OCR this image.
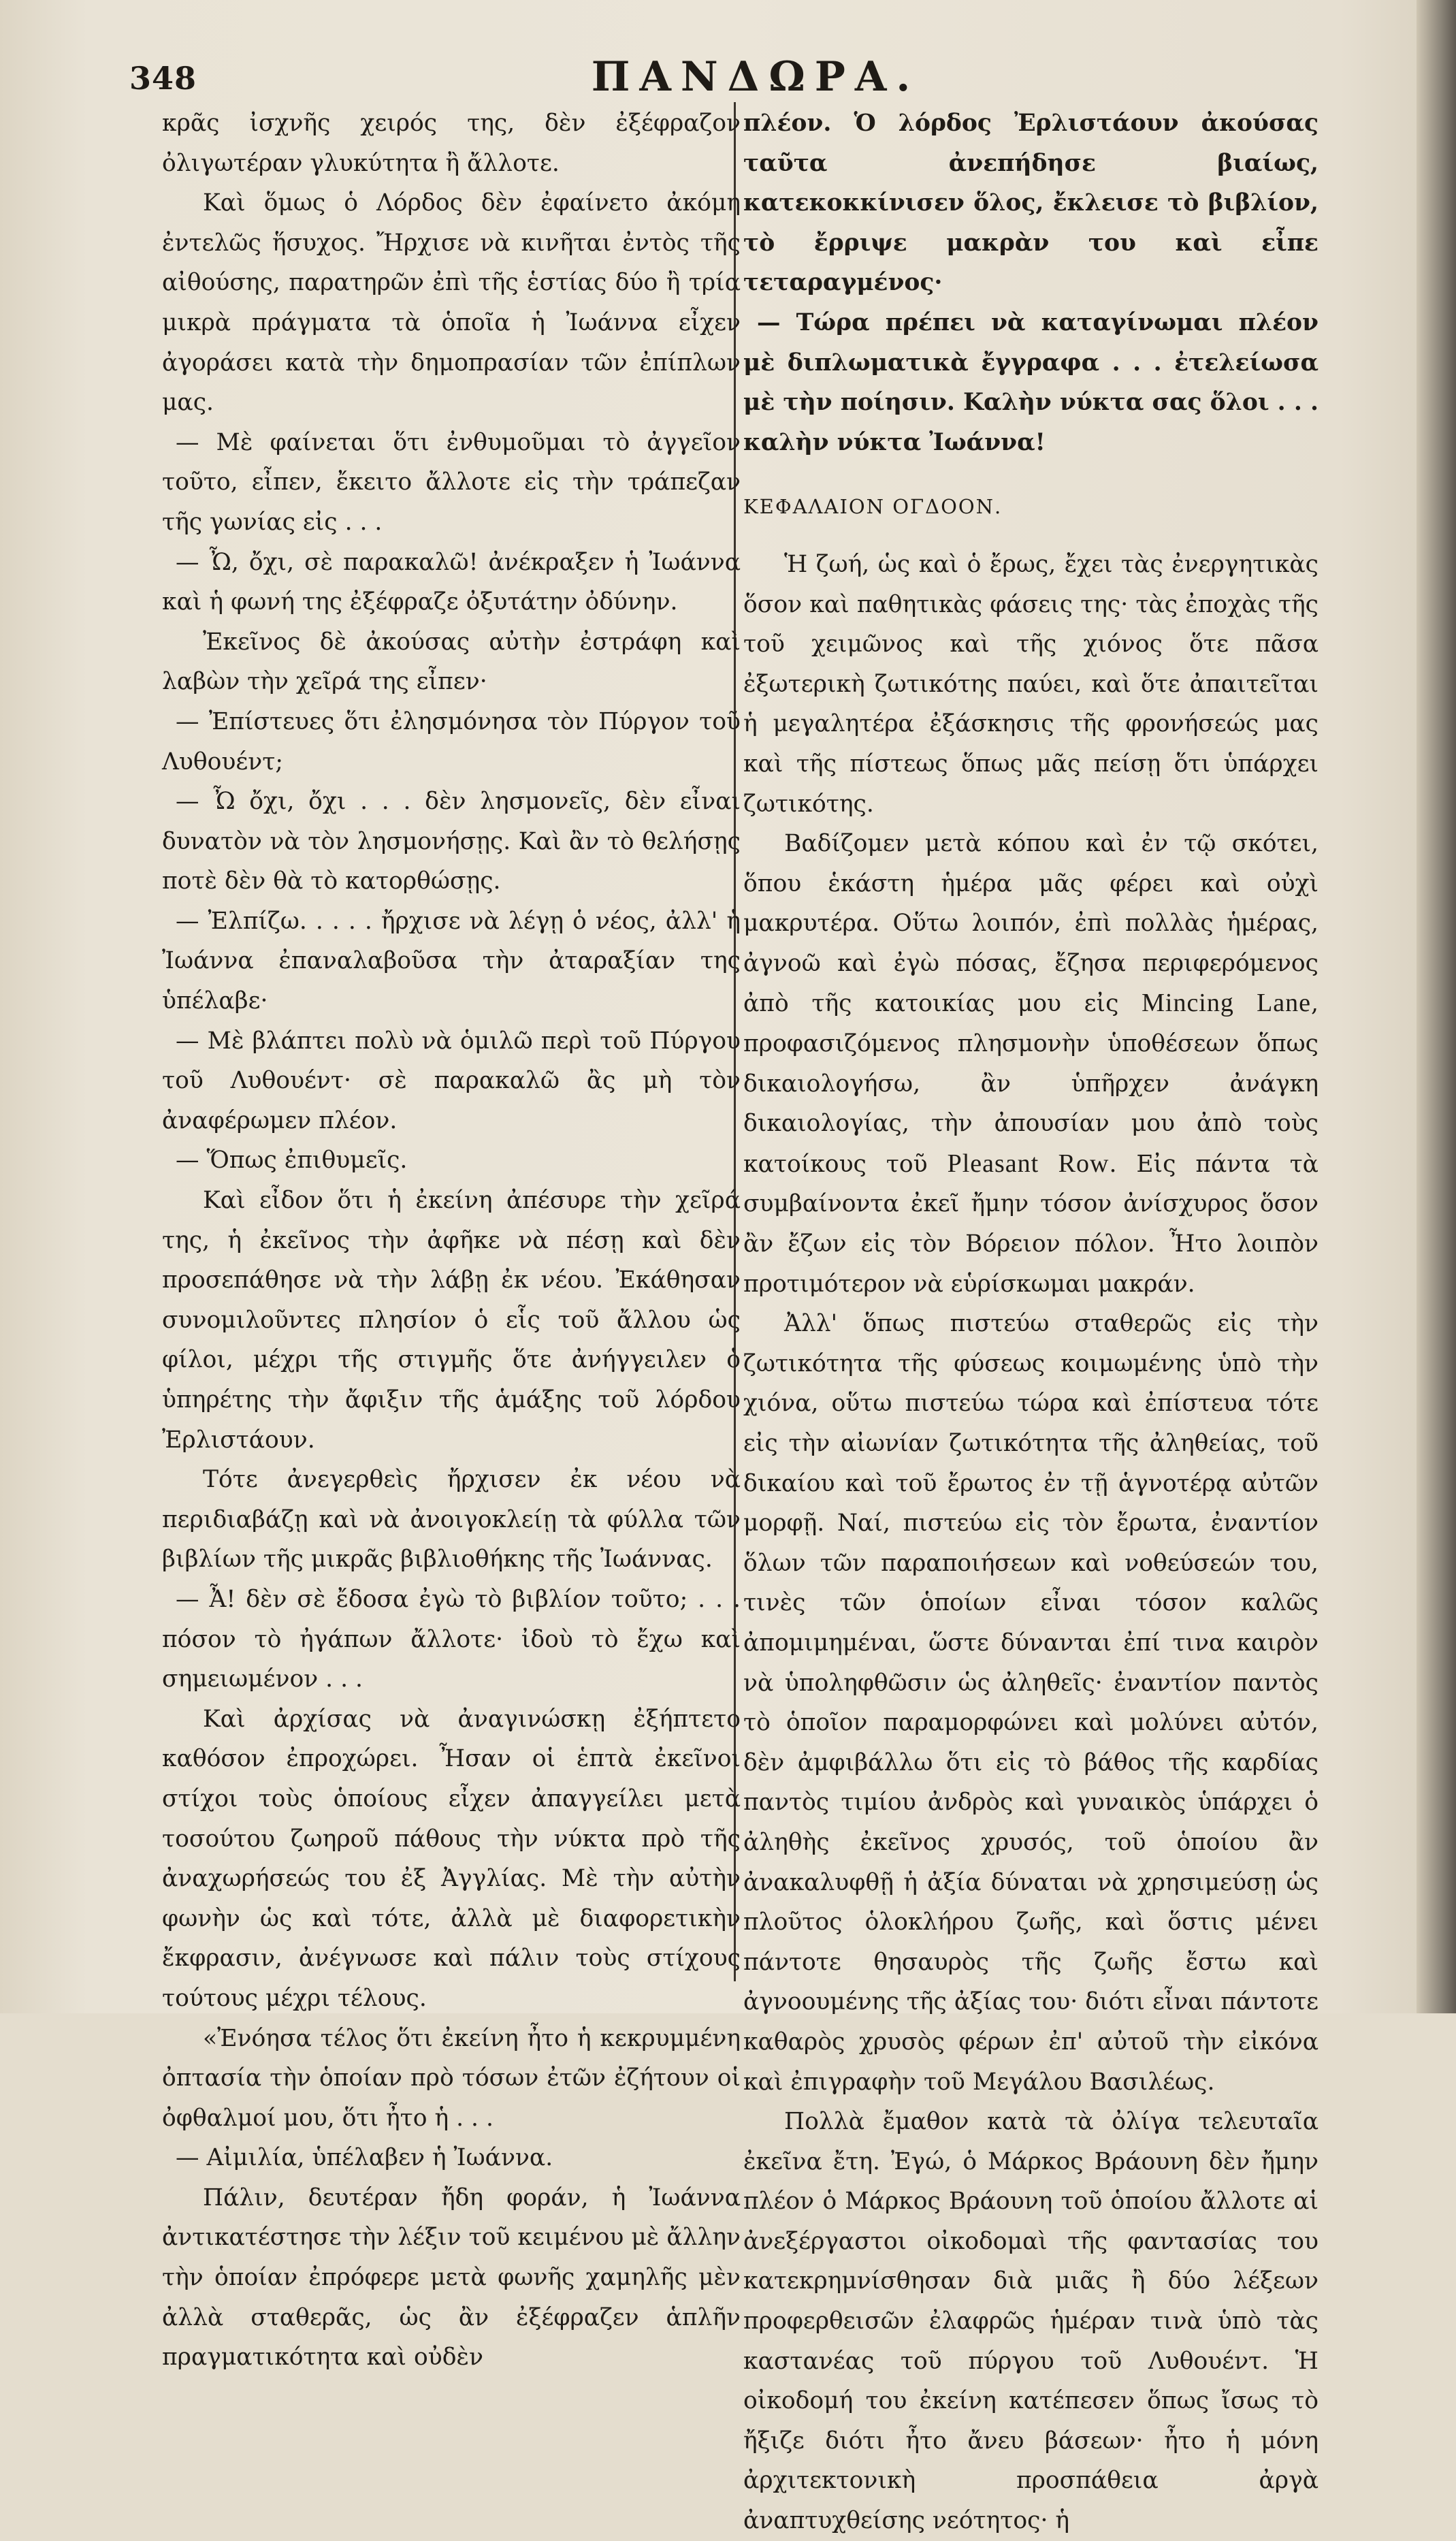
348	ΠΑΝΔΩΡΑ.

κρᾶς ἰσχνῆς χειρός της, δὲν ἐξέφραζον ὀλιγωτέραν γλυκύτητα ἢ ἄλλοτε.

Καὶ ὅμως ὁ Λόρδος δὲν ἐφαίνετο ἀκόμη ἐντελῶς ἥσυχος. Ἤρχισε νὰ κινῆται ἐντὸς τῆς αἰθούσης, παρατηρῶν ἐπὶ τῆς ἑστίας δύο ἢ τρία μικρὰ πράγματα τὰ ὁποῖα ἡ Ἰωάννα εἶχεν ἀγοράσει κατὰ τὴν δημοπρασίαν τῶν ἐπίπλων μας.

— Μὲ φαίνεται ὅτι ἐνθυμοῦμαι τὸ ἀγγεῖον τοῦτο, εἶπεν, ἔκειτο ἄλλοτε εἰς τὴν τράπεζαν τῆς γωνίας εἰς . . .

— Ὦ, ὄχι, σὲ παρακαλῶ! ἀνέκραξεν ἡ Ἰωάννα καὶ ἡ φωνή της ἐξέφραζε ὀξυτάτην ὀδύνην.

Ἐκεῖνος δὲ ἀκούσας αὐτὴν ἐστράφη καὶ λαβὼν τὴν χεῖρά της εἶπεν·

— Ἐπίστευες ὅτι ἐλησμόνησα τὸν Πύργον τοῦ Λυθουέντ;

— Ὦ ὄχι, ὄχι . . . δὲν λησμονεῖς, δὲν εἶναι δυνατὸν νὰ τὸν λησμονήσῃς. Καὶ ἂν τὸ θελήσῃς ποτὲ δὲν θὰ τὸ κατορθώσῃς.

— Ἐλπίζω. . . . . ἤρχισε νὰ λέγῃ ὁ νέος, ἀλλ' ἡ Ἰωάννα ἐπαναλαβοῦσα τὴν ἀταραξίαν της ὑπέλαβε·

— Μὲ βλάπτει πολὺ νὰ ὁμιλῶ περὶ τοῦ Πύργου τοῦ Λυθουέντ· σὲ παρακαλῶ ἂς μὴ τὸν ἀναφέρωμεν πλέον.

— Ὅπως ἐπιθυμεῖς.

Καὶ εἶδον ὅτι ἡ ἐκείνη ἀπέσυρε τὴν χεῖρά της, ἡ ἐκεῖνος τὴν ἀφῆκε νὰ πέσῃ καὶ δὲν προσεπάθησε νὰ τὴν λάβῃ ἐκ νέου. Ἐκάθησαν συνομιλοῦντες πλησίον ὁ εἷς τοῦ ἄλλου ὡς φίλοι, μέχρι τῆς στιγμῆς ὅτε ἀνήγγειλεν ὁ ὑπηρέτης τὴν ἄφιξιν τῆς ἁμάξης τοῦ λόρδου Ἐρλιστάουν.

Τότε ἀνεγερθεὶς ἤρχισεν ἐκ νέου νὰ περιδιαβάζῃ καὶ νὰ ἀνοιγοκλείῃ τὰ φύλλα τῶν βιβλίων τῆς μικρᾶς βιβλιοθήκης τῆς Ἰωάννας.

— Ἆ! δὲν σὲ ἔδοσα ἐγὼ τὸ βιβλίον τοῦτο; . . . πόσον τὸ ἠγάπων ἄλλοτε· ἰδοὺ τὸ ἔχω καὶ σημειωμένον . . .

Καὶ ἀρχίσας νὰ ἀναγινώσκῃ ἐξήπτετο καθόσον ἐπροχώρει. Ἦσαν οἱ ἑπτὰ ἐκεῖνοι στίχοι τοὺς ὁποίους εἶχεν ἀπαγγείλει μετὰ τοσούτου ζωηροῦ πάθους τὴν νύκτα πρὸ τῆς ἀναχωρήσεώς του ἐξ Ἀγγλίας. Μὲ τὴν αὐτὴν φωνὴν ὡς καὶ τότε, ἀλλὰ μὲ διαφορετικὴν ἔκφρασιν, ἀνέγνωσε καὶ πάλιν τοὺς στίχους τούτους μέχρι τέλους.

«Ἐνόησα τέλος ὅτι ἐκείνη ἦτο ἡ κεκρυμμένη ὀπτασία τὴν ὁποίαν πρὸ τόσων ἐτῶν ἐζήτουν οἱ ὀφθαλμοί μου, ὅτι ἦτο ἡ . . .

— Αἰμιλία, ὑπέλαβεν ἡ Ἰωάννα.

Πάλιν, δευτέραν ἤδη φοράν, ἡ Ἰωάννα ἀντικατέστησε τὴν λέξιν τοῦ κειμένου μὲ ἄλλην τὴν ὁποίαν ἐπρόφερε μετὰ φωνῆς χαμηλῆς μὲν ἀλλὰ σταθερᾶς, ὡς ἂν ἐξέφραζεν ἁπλῆν πραγματικότητα καὶ οὐδὲν

πλέον. Ὁ λόρδος Ἐρλιστάουν ἀκούσας ταῦτα ἀνεπήδησε βιαίως, κατεκοκκίνισεν ὅλος, ἔκλεισε τὸ βιβλίον, τὸ ἔρριψε μακρὰν του καὶ εἶπε τεταραγμένος·

— Τώρα πρέπει νὰ καταγίνωμαι πλέον μὲ διπλωματικὰ ἔγγραφα . . . ἐτελείωσα μὲ τὴν ποίησιν. Καλὴν νύκτα σας ὅλοι . . . καλὴν νύκτα Ἰωάννα!

ΚΕΦΑΛΑΙΟΝ ΟΓΔΟΟΝ.

Ἡ ζωή, ὡς καὶ ὁ ἔρως, ἔχει τὰς ἐνεργητικὰς ὅσον καὶ παθητικὰς φάσεις της· τὰς ἐποχὰς τῆς τοῦ χειμῶνος καὶ τῆς χιόνος ὅτε πᾶσα ἐξωτερικὴ ζωτικότης παύει, καὶ ὅτε ἀπαιτεῖται ἡ μεγαλητέρα ἐξάσκησις τῆς φρονήσεώς μας καὶ τῆς πίστεως ὅπως μᾶς πείσῃ ὅτι ὑπάρχει ζωτικότης.

Βαδίζομεν μετὰ κόπου καὶ ἐν τῷ σκότει, ὅπου ἑκάστη ἡμέρα μᾶς φέρει καὶ οὐχὶ μακρυτέρα. Οὕτω λοιπόν, ἐπὶ πολλὰς ἡμέρας, ἀγνοῶ καὶ ἐγὼ πόσας, ἔζησα περιφερόμενος ἀπὸ τῆς κατοικίας μου εἰς Mincing Lane, προφασιζόμενος πλησμονὴν ὑποθέσεων ὅπως δικαιολογήσω, ἂν ὑπῆρχεν ἀνάγκη δικαιολογίας, τὴν ἀπουσίαν μου ἀπὸ τοὺς κατοίκους τοῦ Pleasant Row. Εἰς πάντα τὰ συμβαίνοντα ἐκεῖ ἤμην τόσον ἀνίσχυρος ὅσον ἂν ἔζων εἰς τὸν Βόρειον πόλον. Ἦτο λοιπὸν προτιμότερον νὰ εὑρίσκωμαι μακράν.

Ἀλλ' ὅπως πιστεύω σταθερῶς εἰς τὴν ζωτικότητα τῆς φύσεως κοιμωμένης ὑπὸ τὴν χιόνα, οὕτω πιστεύω τώρα καὶ ἐπίστευα τότε εἰς τὴν αἰωνίαν ζωτικότητα τῆς ἀληθείας, τοῦ δικαίου καὶ τοῦ ἔρωτος ἐν τῇ ἁγνοτέρᾳ αὐτῶν μορφῇ. Ναί, πιστεύω εἰς τὸν ἔρωτα, ἐναντίον ὅλων τῶν παραποιήσεων καὶ νοθεύσεών του, τινὲς τῶν ὁποίων εἶναι τόσον καλῶς ἀπομιμημέναι, ὥστε δύνανται ἐπί τινα καιρὸν νὰ ὑποληφθῶσιν ὡς ἀληθεῖς· ἐναντίον παντὸς τὸ ὁποῖον παραμορφώνει καὶ μολύνει αὐτόν, δὲν ἀμφιβάλλω ὅτι εἰς τὸ βάθος τῆς καρδίας παντὸς τιμίου ἀνδρὸς καὶ γυναικὸς ὑπάρχει ὁ ἀληθὴς ἐκεῖνος χρυσός, τοῦ ὁποίου ἂν ἀνακαλυφθῇ ἡ ἀξία δύναται νὰ χρησιμεύσῃ ὡς πλοῦτος ὁλοκλήρου ζωῆς, καὶ ὅστις μένει πάντοτε θησαυρὸς τῆς ζωῆς ἔστω καὶ ἀγνοουμένης τῆς ἀξίας του· διότι εἶναι πάντοτε καθαρὸς χρυσὸς φέρων ἐπ' αὐτοῦ τὴν εἰκόνα καὶ ἐπιγραφὴν τοῦ Μεγάλου Βασιλέως.

Πολλὰ ἔμαθον κατὰ τὰ ὀλίγα τελευταῖα ἐκεῖνα ἔτη. Ἐγώ, ὁ Μάρκος Βράουνη δὲν ἤμην πλέον ὁ Μάρκος Βράουνη τοῦ ὁποίου ἄλλοτε αἱ ἀνεξέργαστοι οἰκοδομαὶ τῆς φαντασίας του κατεκρημνίσθησαν διὰ μιᾶς ἢ δύο λέξεων προφερθεισῶν ἐλαφρῶς ἡμέραν τινὰ ὑπὸ τὰς καστανέας τοῦ πύργου τοῦ Λυθουέντ. Ἡ οἰκοδομή του ἐκείνη κατέπεσεν ὅπως ἴσως τὸ ἤξιζε διότι ἦτο ἄνευ βάσεων· ἦτο ἡ μόνη ἀρχιτεκτονικὴ προσπάθεια ἀργὰ ἀναπτυχθείσης νεότητος· ἡ
